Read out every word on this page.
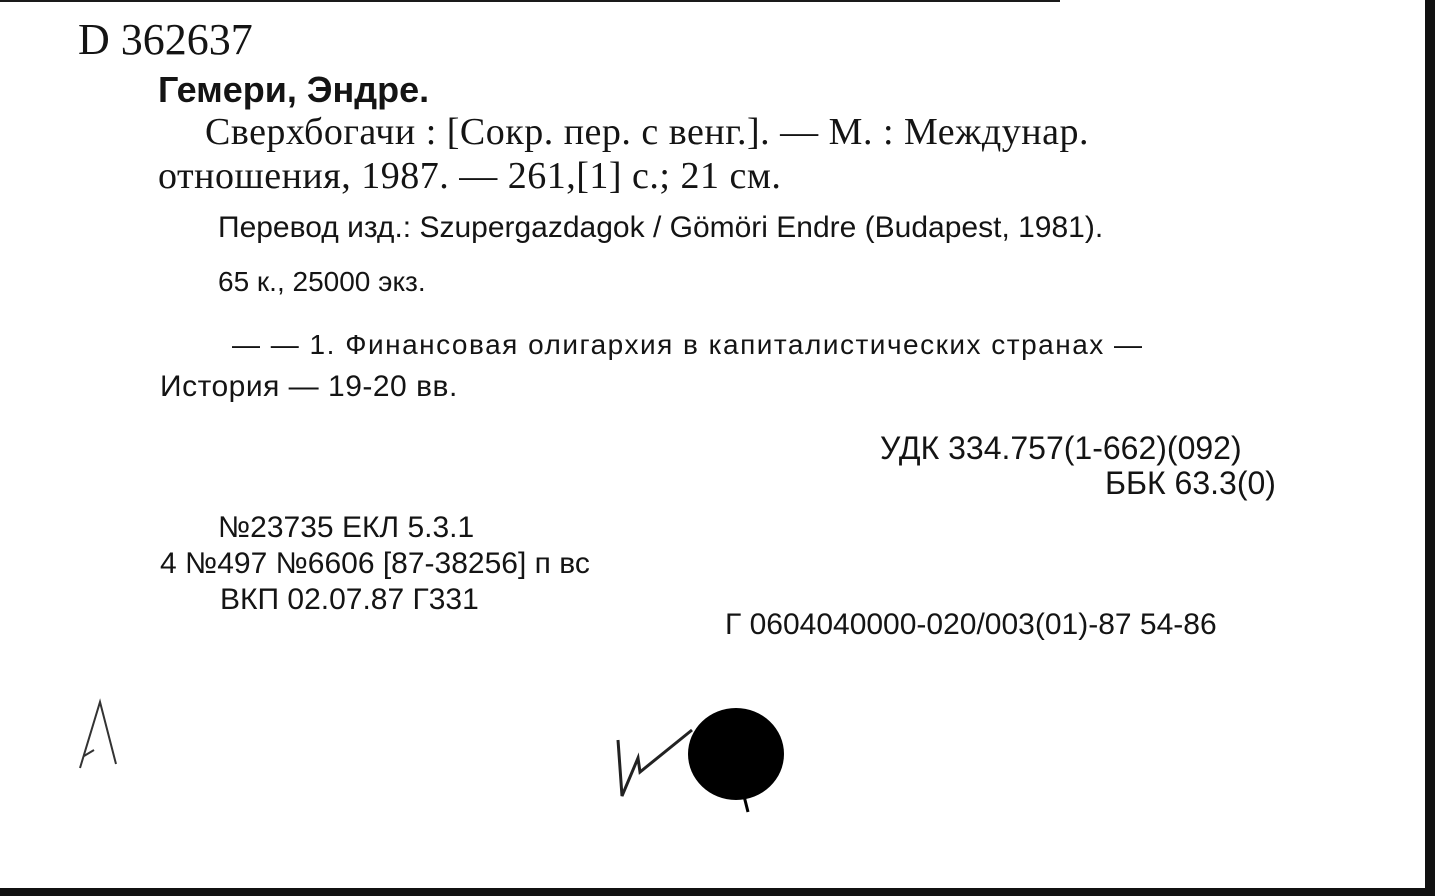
D 362637
Гемери, Эндре.
Сверхбогачи : [Сокр. пер. с венг.]. — М. : Междунар.
отношения, 1987. — 261,[1] с.; 21 см.
Перевод изд.: Szupergazdagok / Gömöri Endre (Budapest, 1981).
65 к., 25000 экз.
— — 1. Финансовая олигархия в капиталистических странах —
История — 19-20 вв.
УДК 334.757(1-662)(092)
ББК 63.3(0)
№23735 ЕКЛ 5.3.1
4 №497 №6606 [87-38256] п вс
ВКП 02.07.87 Г331
Г 0604040000-020/003(01)-87 54-86
